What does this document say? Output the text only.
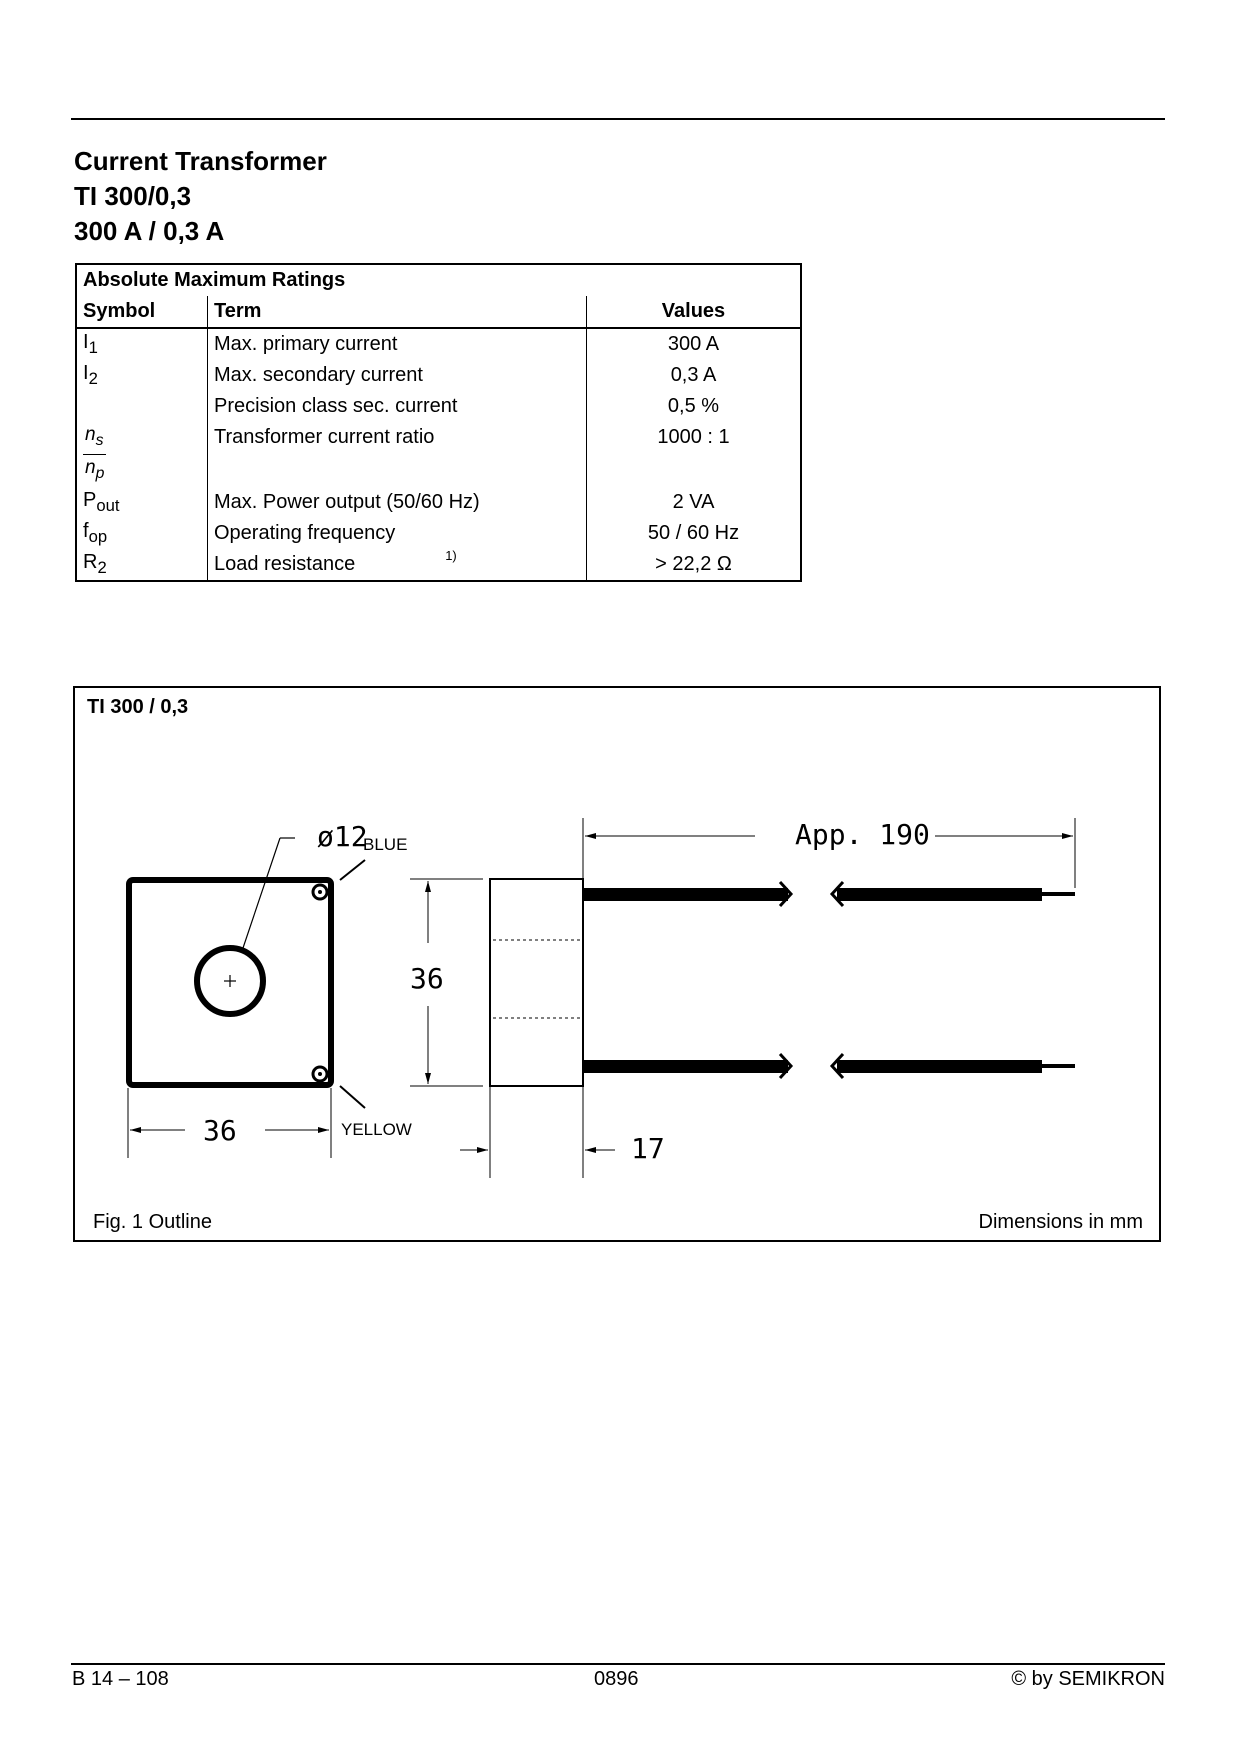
Current Transformer
TI 300/0,3
300 A / 0,3 A
Absolute Maximum Ratings		
Symbol	Term	Values
$I_1$	Max. primary current	300 A
$I_2$	Max. secondary current	0,3 A
	Precision class sec. current	0,5 %

$\frac{n_s}{n_p}$	Transformer current ratio	1000 : 1
$P_{out}$	Max. Power output (50/60 Hz)	2 VA
$f_{op}$	Operating frequency	50 / 60 Hz
$R_2$	Load resistance $^{1)}$	> 22,2 Ω
TI 300 / 0,3
ø12
BLUE
YELLOW
36
36
17
App. 190
Fig. 1 Outline	Dimensions in mm
B 14 – 108	0896	© by SEMIKRON
